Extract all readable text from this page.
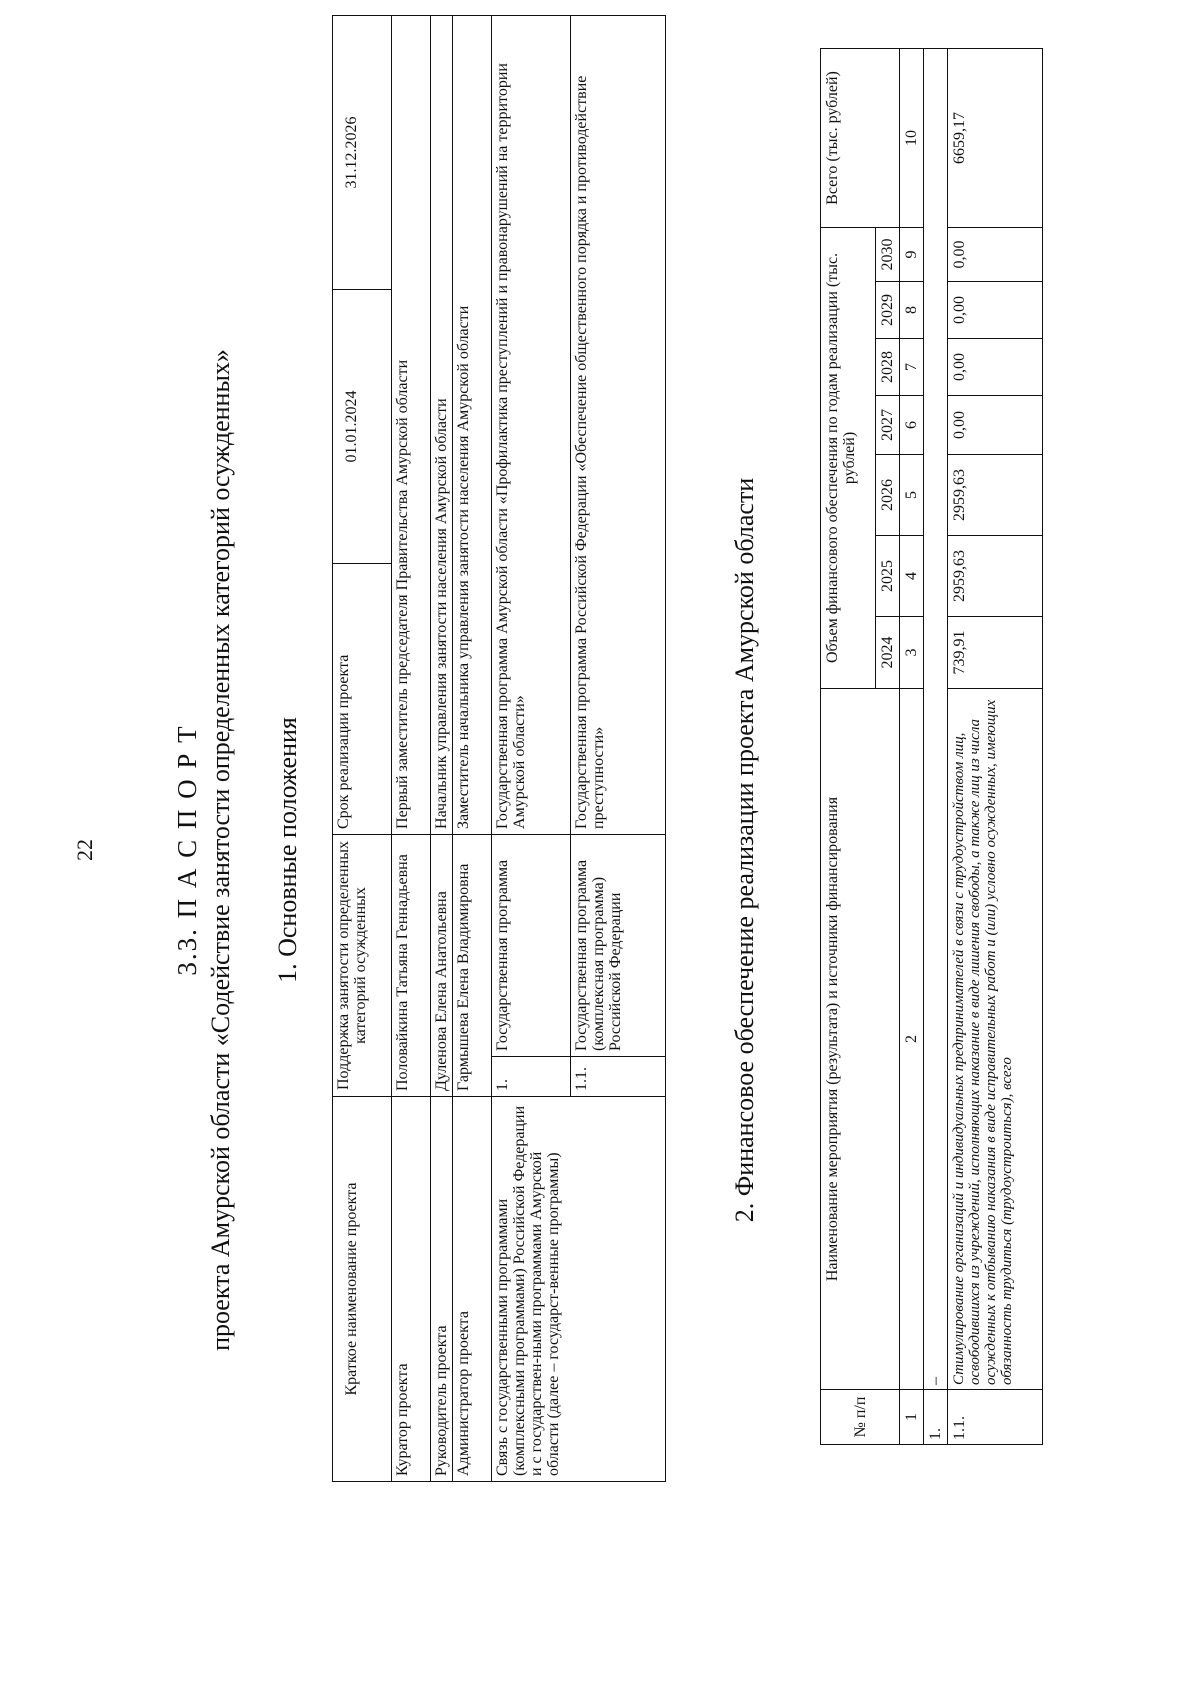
22	3.3. П А С П О Р Т проекта Амурской области «Содействие занятости определенных категорий осужденных» 1. Основные положения
Краткое наименование проекта	Поддержка занятости определенных категорий осужденных		Срок реализации проекта	01.01.2024	31.12.2026
Куратор проекта	Половайкина Татьяна Геннадьевна		Первый заместитель председателя Правительства Амурской области		
Руководитель проекта	Дуленова Елена Анатольевна		Начальник управления занятости населения Амурской области		
Администратор проекта	Гармышева Елена Владимировна		Заместитель начальника управления занятости населения Амурской области		
Связь с государственными программами (комплексными программами) Российской Федерации и с государствен-ными программами Амурской области (далее – государст-венные программы)	1.	Государственная программа	Государственная программа Амурской области «Профилактика преступлений и правонарушений на территории Амурской области»		
	1.1.	Государственная программа (комплексная программа) Российской Федерации	Государственная программа Российской Федерации «Обеспечение общественного порядка и противодействие преступности»			2. Финансовое обеспечение реализации проекта Амурской области
№ п/п	Наименование мероприятия (результата) и источники финансирования	Объем финансового обеспечения по годам реализации (тыс. рублей)							Всего (тыс. рублей)
		2024	2025	2026	2027	2028	2029	2030	
1	2	3	4	5	6	7	8	9	10
1.	–								
1.1.	Стимулирование организаций и индивидуальных предпринимателей в связи с трудоустройством лиц, освободившихся из учреждений, исполняющих наказание в виде лишения свободы, а также лиц из числа осужденных к отбыванию наказания в виде исправительных работ и (или) условно осужденных, имеющих обязанность трудиться (трудоустроиться), всего	739,91	2959,63	2959,63	0,00	0,00	0,00	0,00	6659,17
